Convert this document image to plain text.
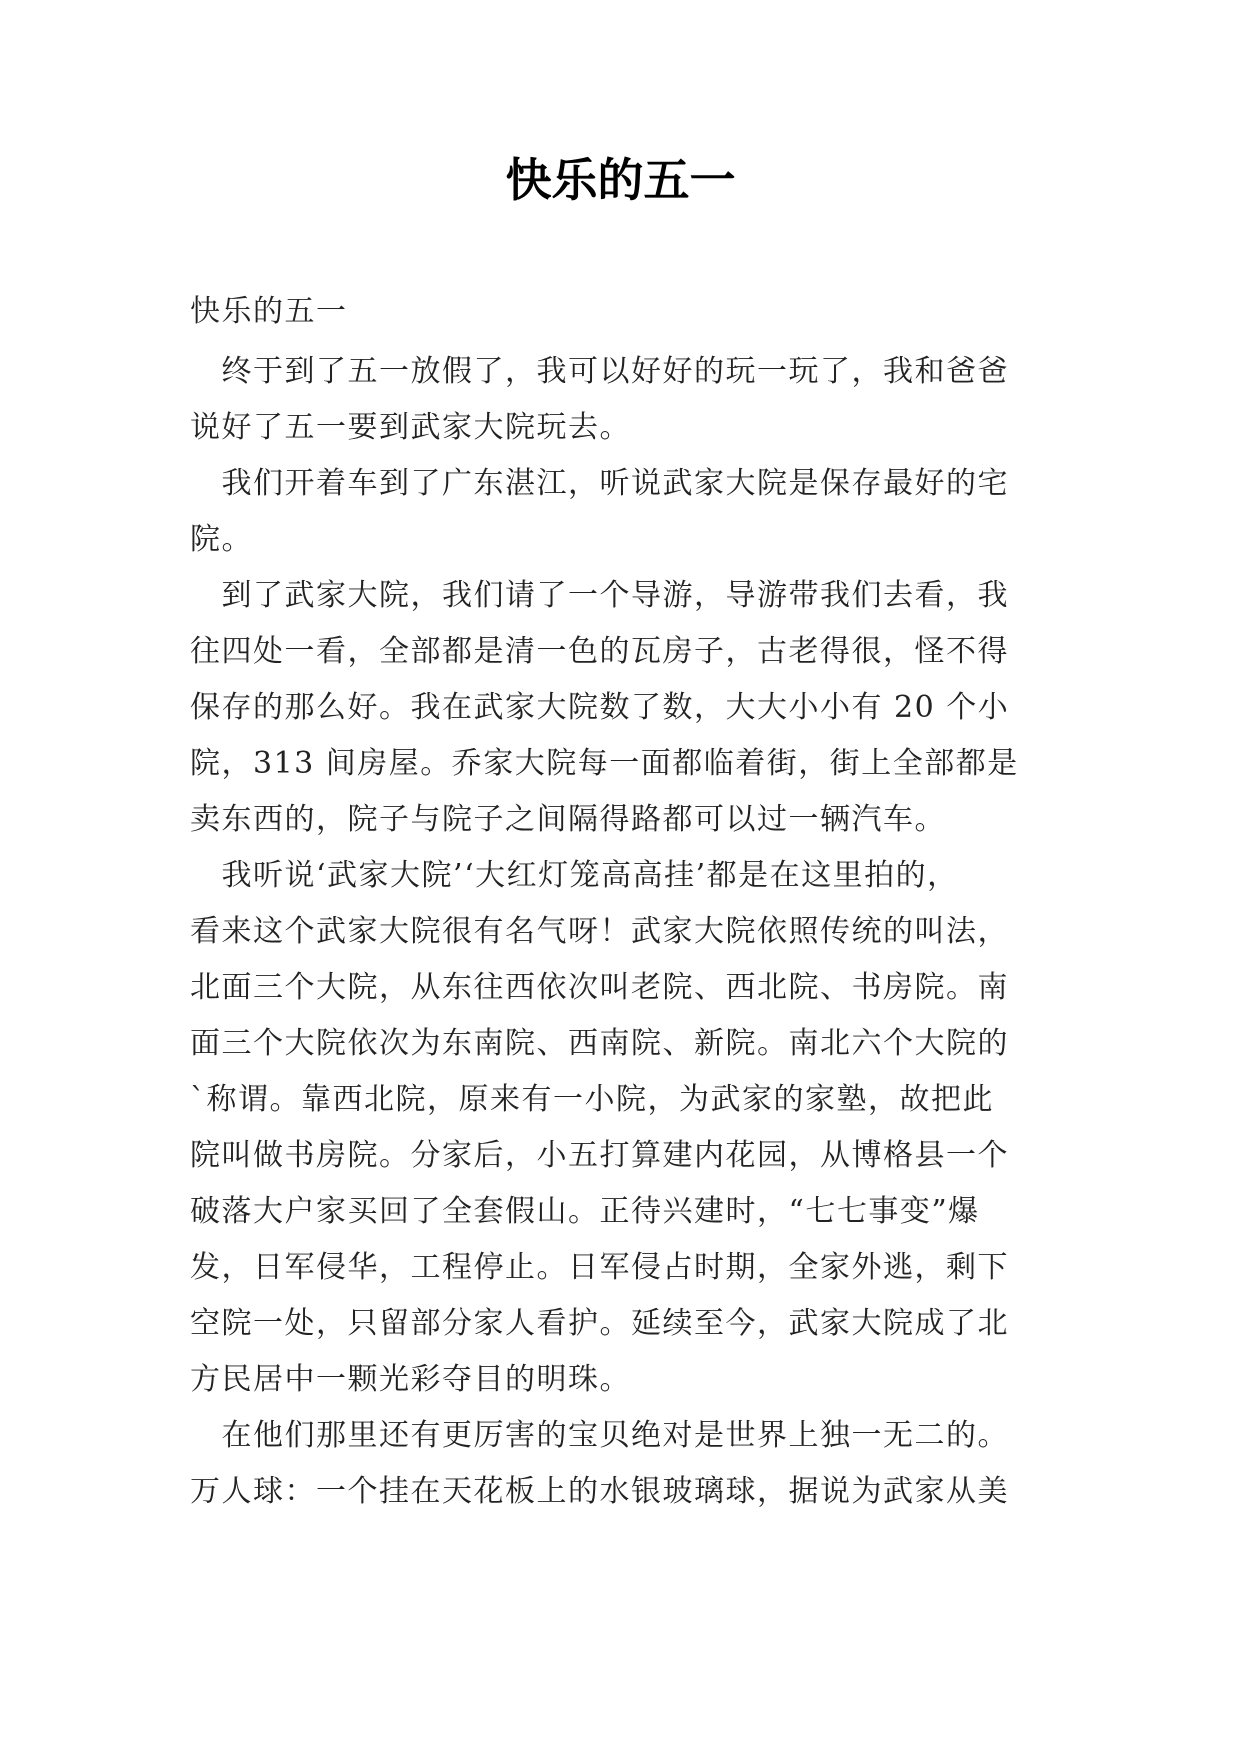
快乐的五一
快乐的五一
　终于到了五一放假了，我可以好好的玩一玩了，我和爸爸
说好了五一要到武家大院玩去。
　我们开着车到了广东湛江，听说武家大院是保存最好的宅
院。
　到了武家大院，我们请了一个导游，导游带我们去看，我
往四处一看，全部都是清一色的瓦房子，古老得很，怪不得
保存的那么好。我在武家大院数了数，大大小小有 20 个小
院，313 间房屋。乔家大院每一面都临着街，街上全部都是
卖东西的，院子与院子之间隔得路都可以过一辆汽车。
　我听说‘武家大院’‘大红灯笼高高挂’都是在这里拍的，
看来这个武家大院很有名气呀！武家大院依照传统的叫法，
北面三个大院，从东往西依次叫老院、西北院、书房院。南
面三个大院依次为东南院、西南院、新院。南北六个大院的
`称谓。靠西北院，原来有一小院，为武家的家塾，故把此
院叫做书房院。分家后，小五打算建内花园，从博格县一个
破落大户家买回了全套假山。正待兴建时，“七七事变”爆
发，日军侵华，工程停止。日军侵占时期，全家外逃，剩下
空院一处，只留部分家人看护。延续至今，武家大院成了北
方民居中一颗光彩夺目的明珠。
　在他们那里还有更厉害的宝贝绝对是世界上独一无二的。
万人球：一个挂在天花板上的水银玻璃球，据说为武家从美
